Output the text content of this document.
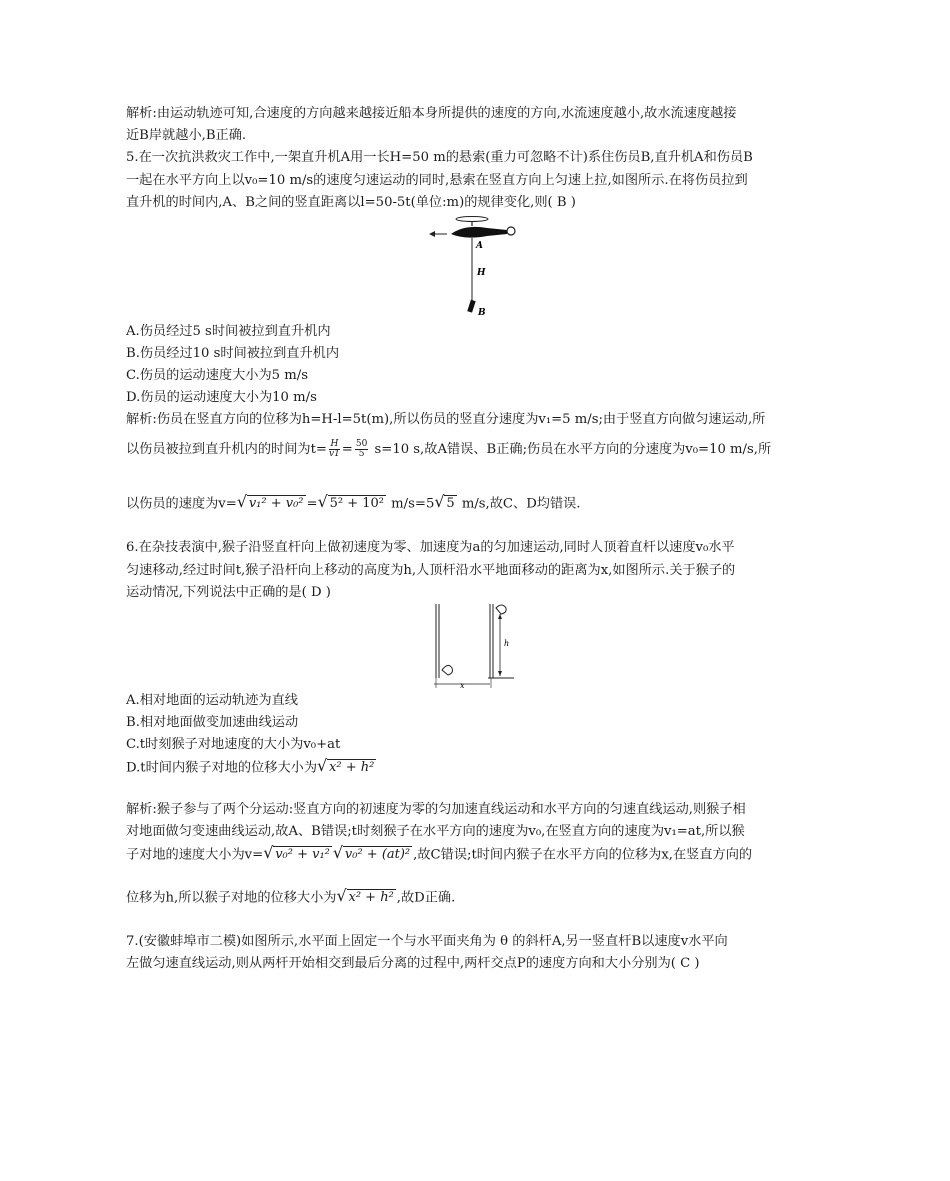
解析:由运动轨迹可知,合速度的方向越来越接近船本身所提供的速度的方向,水流速度越小,故水流速度越接
近B岸就越小,B正确.
5.在一次抗洪救灾工作中,一架直升机A用一长H=50 m的悬索(重力可忽略不计)系住伤员B,直升机A和伤员B
一起在水平方向上以v₀=10 m/s的速度匀速运动的同时,悬索在竖直方向上匀速上拉,如图所示.在将伤员拉到
直升机的时间内,A、B之间的竖直距离以l=50-5t(单位:m)的规律变化,则( B )
A
H
B
A.伤员经过5 s时间被拉到直升机内
B.伤员经过10 s时间被拉到直升机内
C.伤员的运动速度大小为5 m/s
D.伤员的运动速度大小为10 m/s
解析:伤员在竖直方向的位移为h=H-l=5t(m),所以伤员的竖直分速度为v₁=5 m/s;由于竖直方向做匀速运动,所
以伤员被拉到直升机内的时间为$t= \frac{H}{v1} = \frac{50}{5} s=10$ s,故A错误、B正确;伤员在水平方向的分速度为v₀=10 m/s,所
以伤员的速度为v= √ v₁² + v₀² = √ 5² + 10² m/s=5 √ 5 m/s,故C、D均错误.
6.在杂技表演中,猴子沿竖直杆向上做初速度为零、加速度为a的匀加速运动,同时人顶着直杆以速度v₀水平
匀速移动,经过时间t,猴子沿杆向上移动的高度为h,人顶杆沿水平地面移动的距离为x,如图所示.关于猴子的
运动情况,下列说法中正确的是( D )
h
x
A.相对地面的运动轨迹为直线
B.相对地面做变加速曲线运动
C.t时刻猴子对地速度的大小为v₀+at
D.t时间内猴子对地的位移大小为 √ x² + h²
解析:猴子参与了两个分运动:竖直方向的初速度为零的匀加速直线运动和水平方向的匀速直线运动,则猴子相
对地面做匀变速曲线运动,故A、B错误;t时刻猴子在水平方向的速度为v₀,在竖直方向的速度为v₁=at,所以猴
子对地的速度大小为v= √ v₀² + v₁² √ v₀² + (at)² ,故C错误;t时间内猴子在水平方向的位移为x,在竖直方向的
位移为h,所以猴子对地的位移大小为 √ x² + h² ,故D正确.
7.(安徽蚌埠市二模)如图所示,水平面上固定一个与水平面夹角为 θ 的斜杆A,另一竖直杆B以速度v水平向
左做匀速直线运动,则从两杆开始相交到最后分离的过程中,两杆交点P的速度方向和大小分别为( C )
